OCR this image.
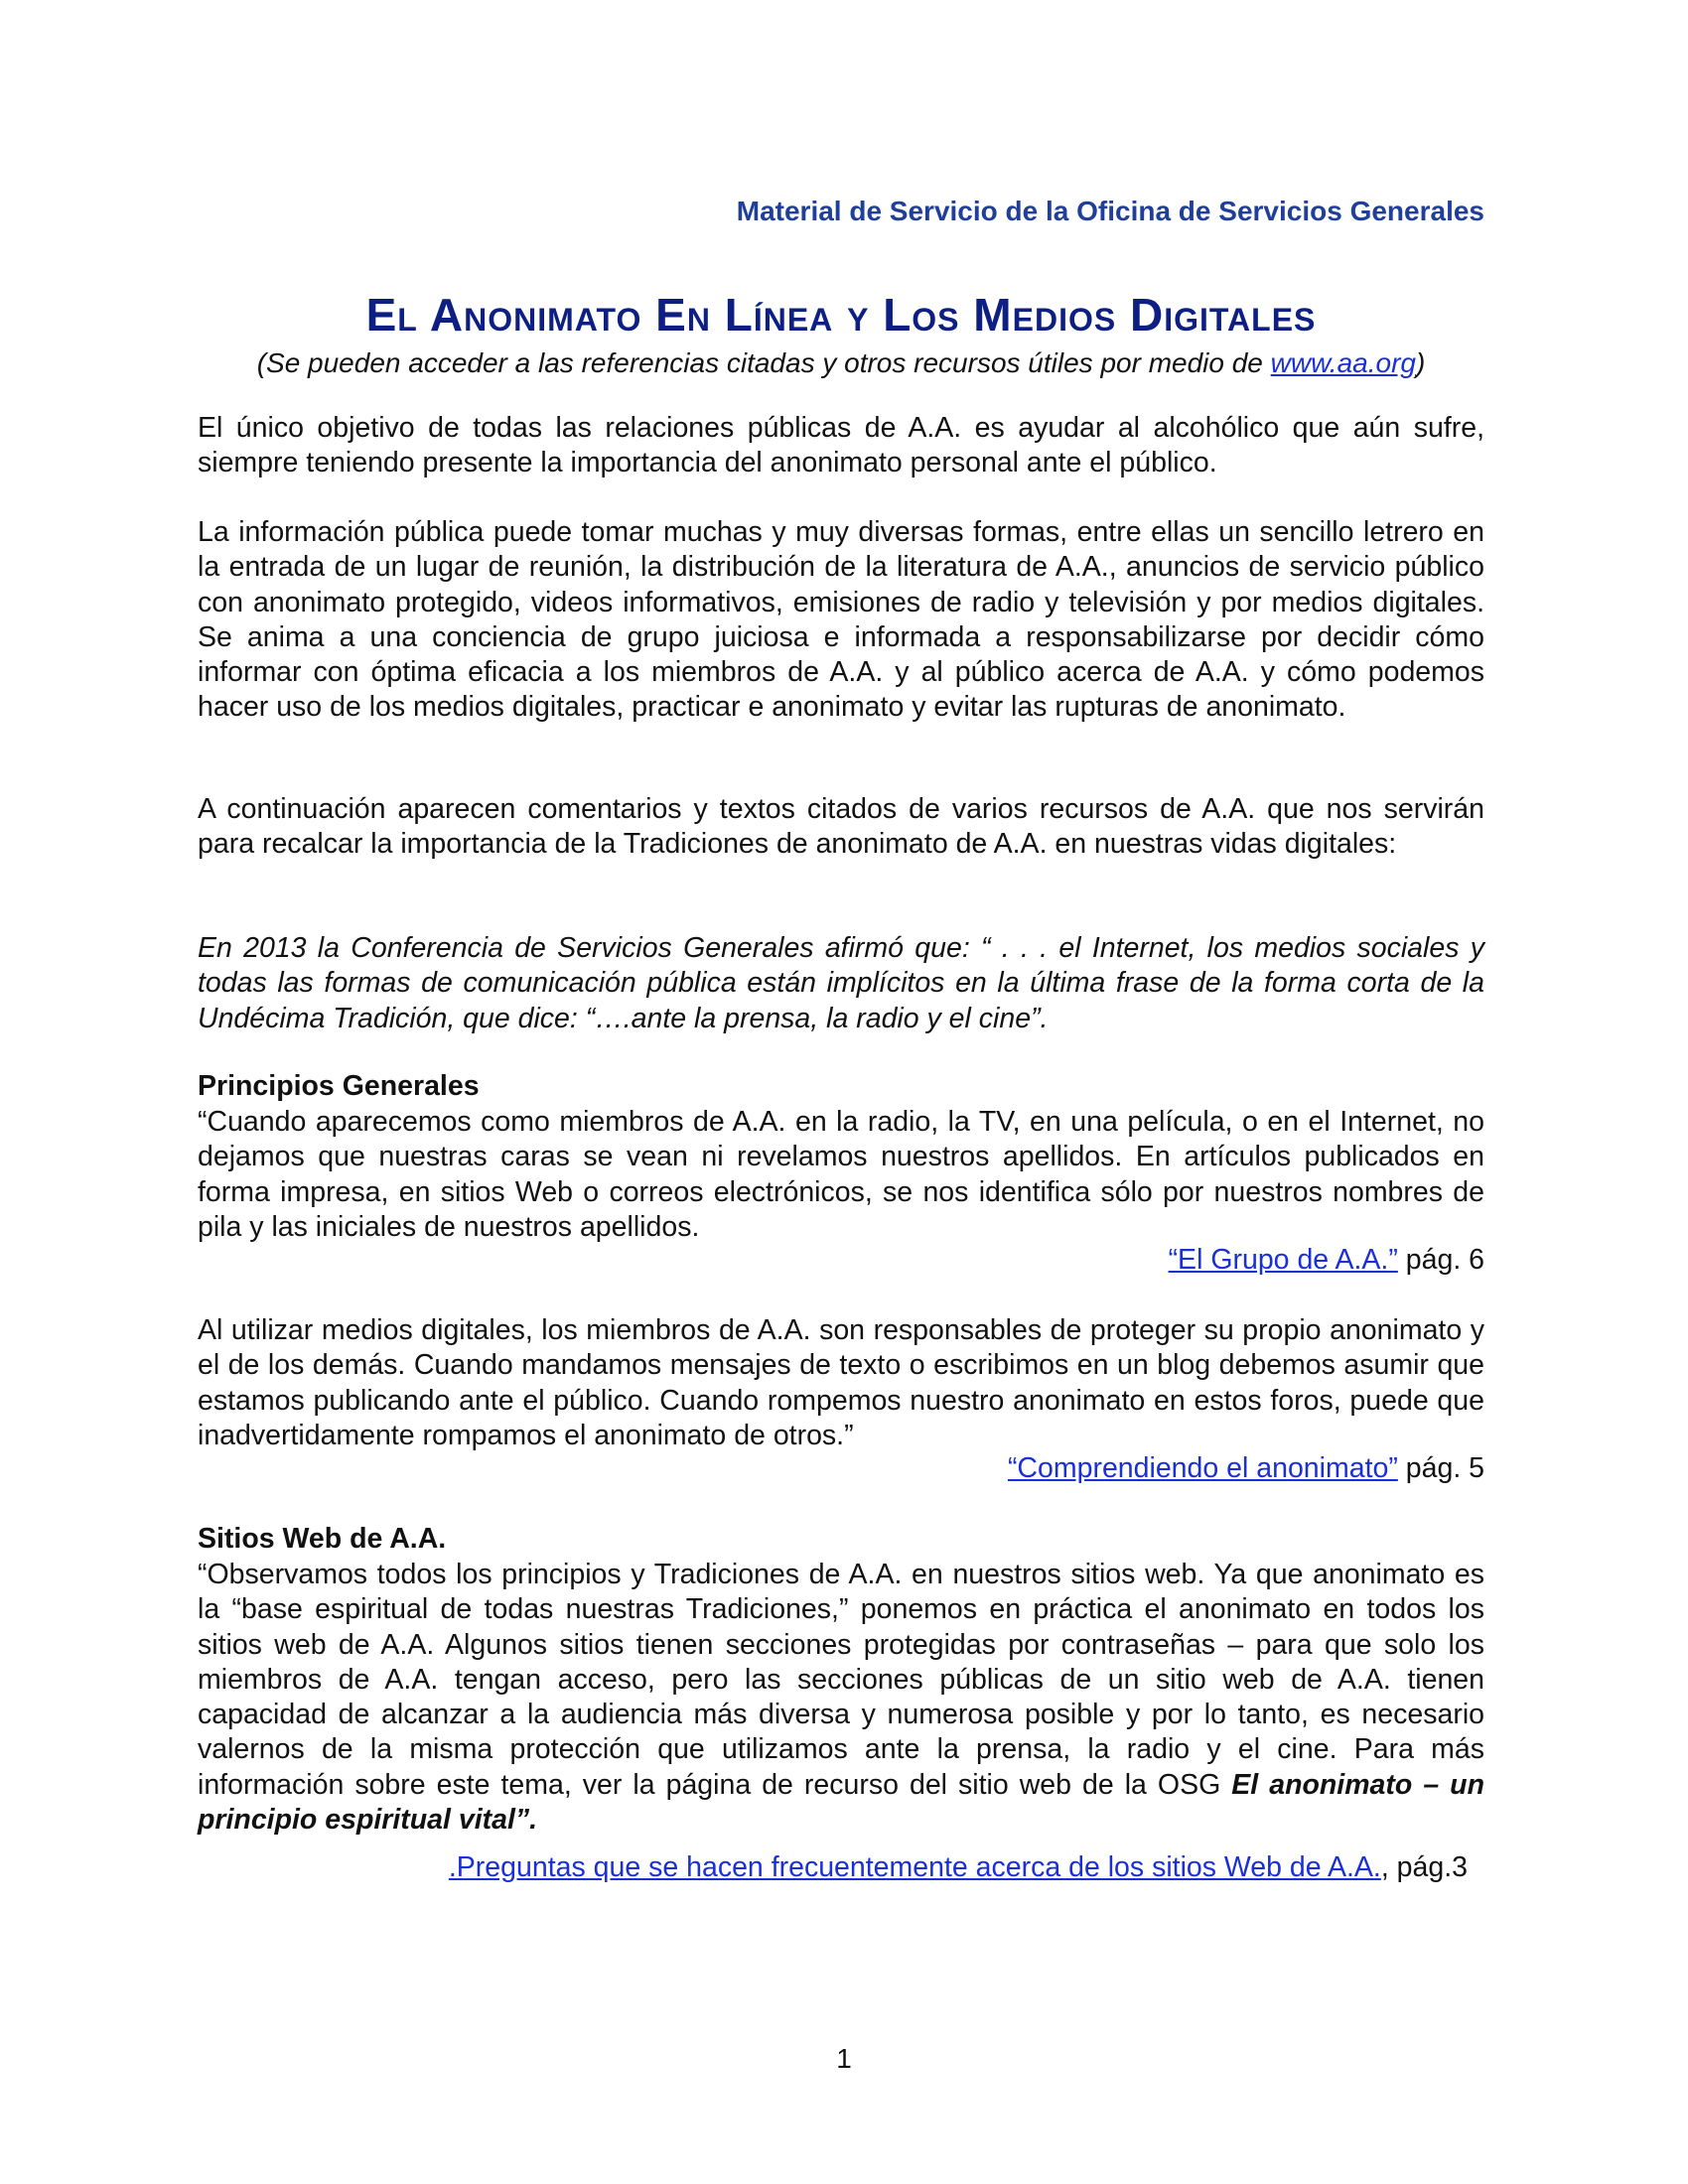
Material de Servicio de la Oficina de Servicios Generales
El Anonimato En Línea y Los Medios Digitales
(Se pueden acceder a las referencias citadas y otros recursos útiles por medio de www.aa.org)
El único objetivo de todas las relaciones públicas de A.A. es ayudar al alcohólico que aún sufre, siempre teniendo presente la importancia del anonimato personal ante el público.
La información pública puede tomar muchas y muy diversas formas, entre ellas un sencillo letrero en la entrada de un lugar de reunión, la distribución de la literatura de A.A., anuncios de servicio público con anonimato protegido, videos informativos, emisiones de radio y televisión y por medios digitales. Se anima a una conciencia de grupo juiciosa e informada a responsabilizarse por decidir cómo informar con óptima eficacia a los miembros de A.A. y al público acerca de A.A. y cómo podemos hacer uso de los medios digitales, practicar e anonimato y evitar las rupturas de anonimato.
A continuación aparecen comentarios y textos citados de varios recursos de A.A. que nos servirán para recalcar la importancia de la Tradiciones de anonimato de A.A. en nuestras vidas digitales:
En 2013 la Conferencia de Servicios Generales afirmó que: “ . . . el Internet, los medios sociales y todas las formas de comunicación pública están implícitos en la última frase de la forma corta de la Undécima Tradición, que dice: “….ante la prensa, la radio y el cine”.
Principios Generales
“Cuando aparecemos como miembros de A.A. en la radio, la TV, en una película, o en el Internet, no dejamos que nuestras caras se vean ni revelamos nuestros apellidos. En artículos publicados en forma impresa, en sitios Web o correos electrónicos, se nos identifica sólo por nuestros nombres de pila y las iniciales de nuestros apellidos.
“El Grupo de A.A.” pág. 6
Al utilizar medios digitales, los miembros de A.A. son responsables de proteger su propio anonimato y el de los demás. Cuando mandamos mensajes de texto o escribimos en un blog debemos asumir que estamos publicando ante el público. Cuando rompemos nuestro anonimato en estos foros, puede que inadvertidamente rompamos el anonimato de otros.”
“Comprendiendo el anonimato” pág. 5
Sitios Web de A.A.
“Observamos todos los principios y Tradiciones de A.A. en nuestros sitios web. Ya que anonimato es la “base espiritual de todas nuestras Tradiciones,” ponemos en práctica el anonimato en todos los sitios web de A.A. Algunos sitios tienen secciones protegidas por contraseñas – para que solo los miembros de A.A. tengan acceso, pero las secciones públicas de un sitio web de A.A. tienen capacidad de alcanzar a la audiencia más diversa y numerosa posible y por lo tanto, es necesario valernos de la misma protección que utilizamos ante la prensa, la radio y el cine. Para más información sobre este tema, ver la página de recurso del sitio web de la OSG El anonimato – un principio espiritual vital”.
.Preguntas que se hacen frecuentemente acerca de los sitios Web de A.A., pág.3
1
